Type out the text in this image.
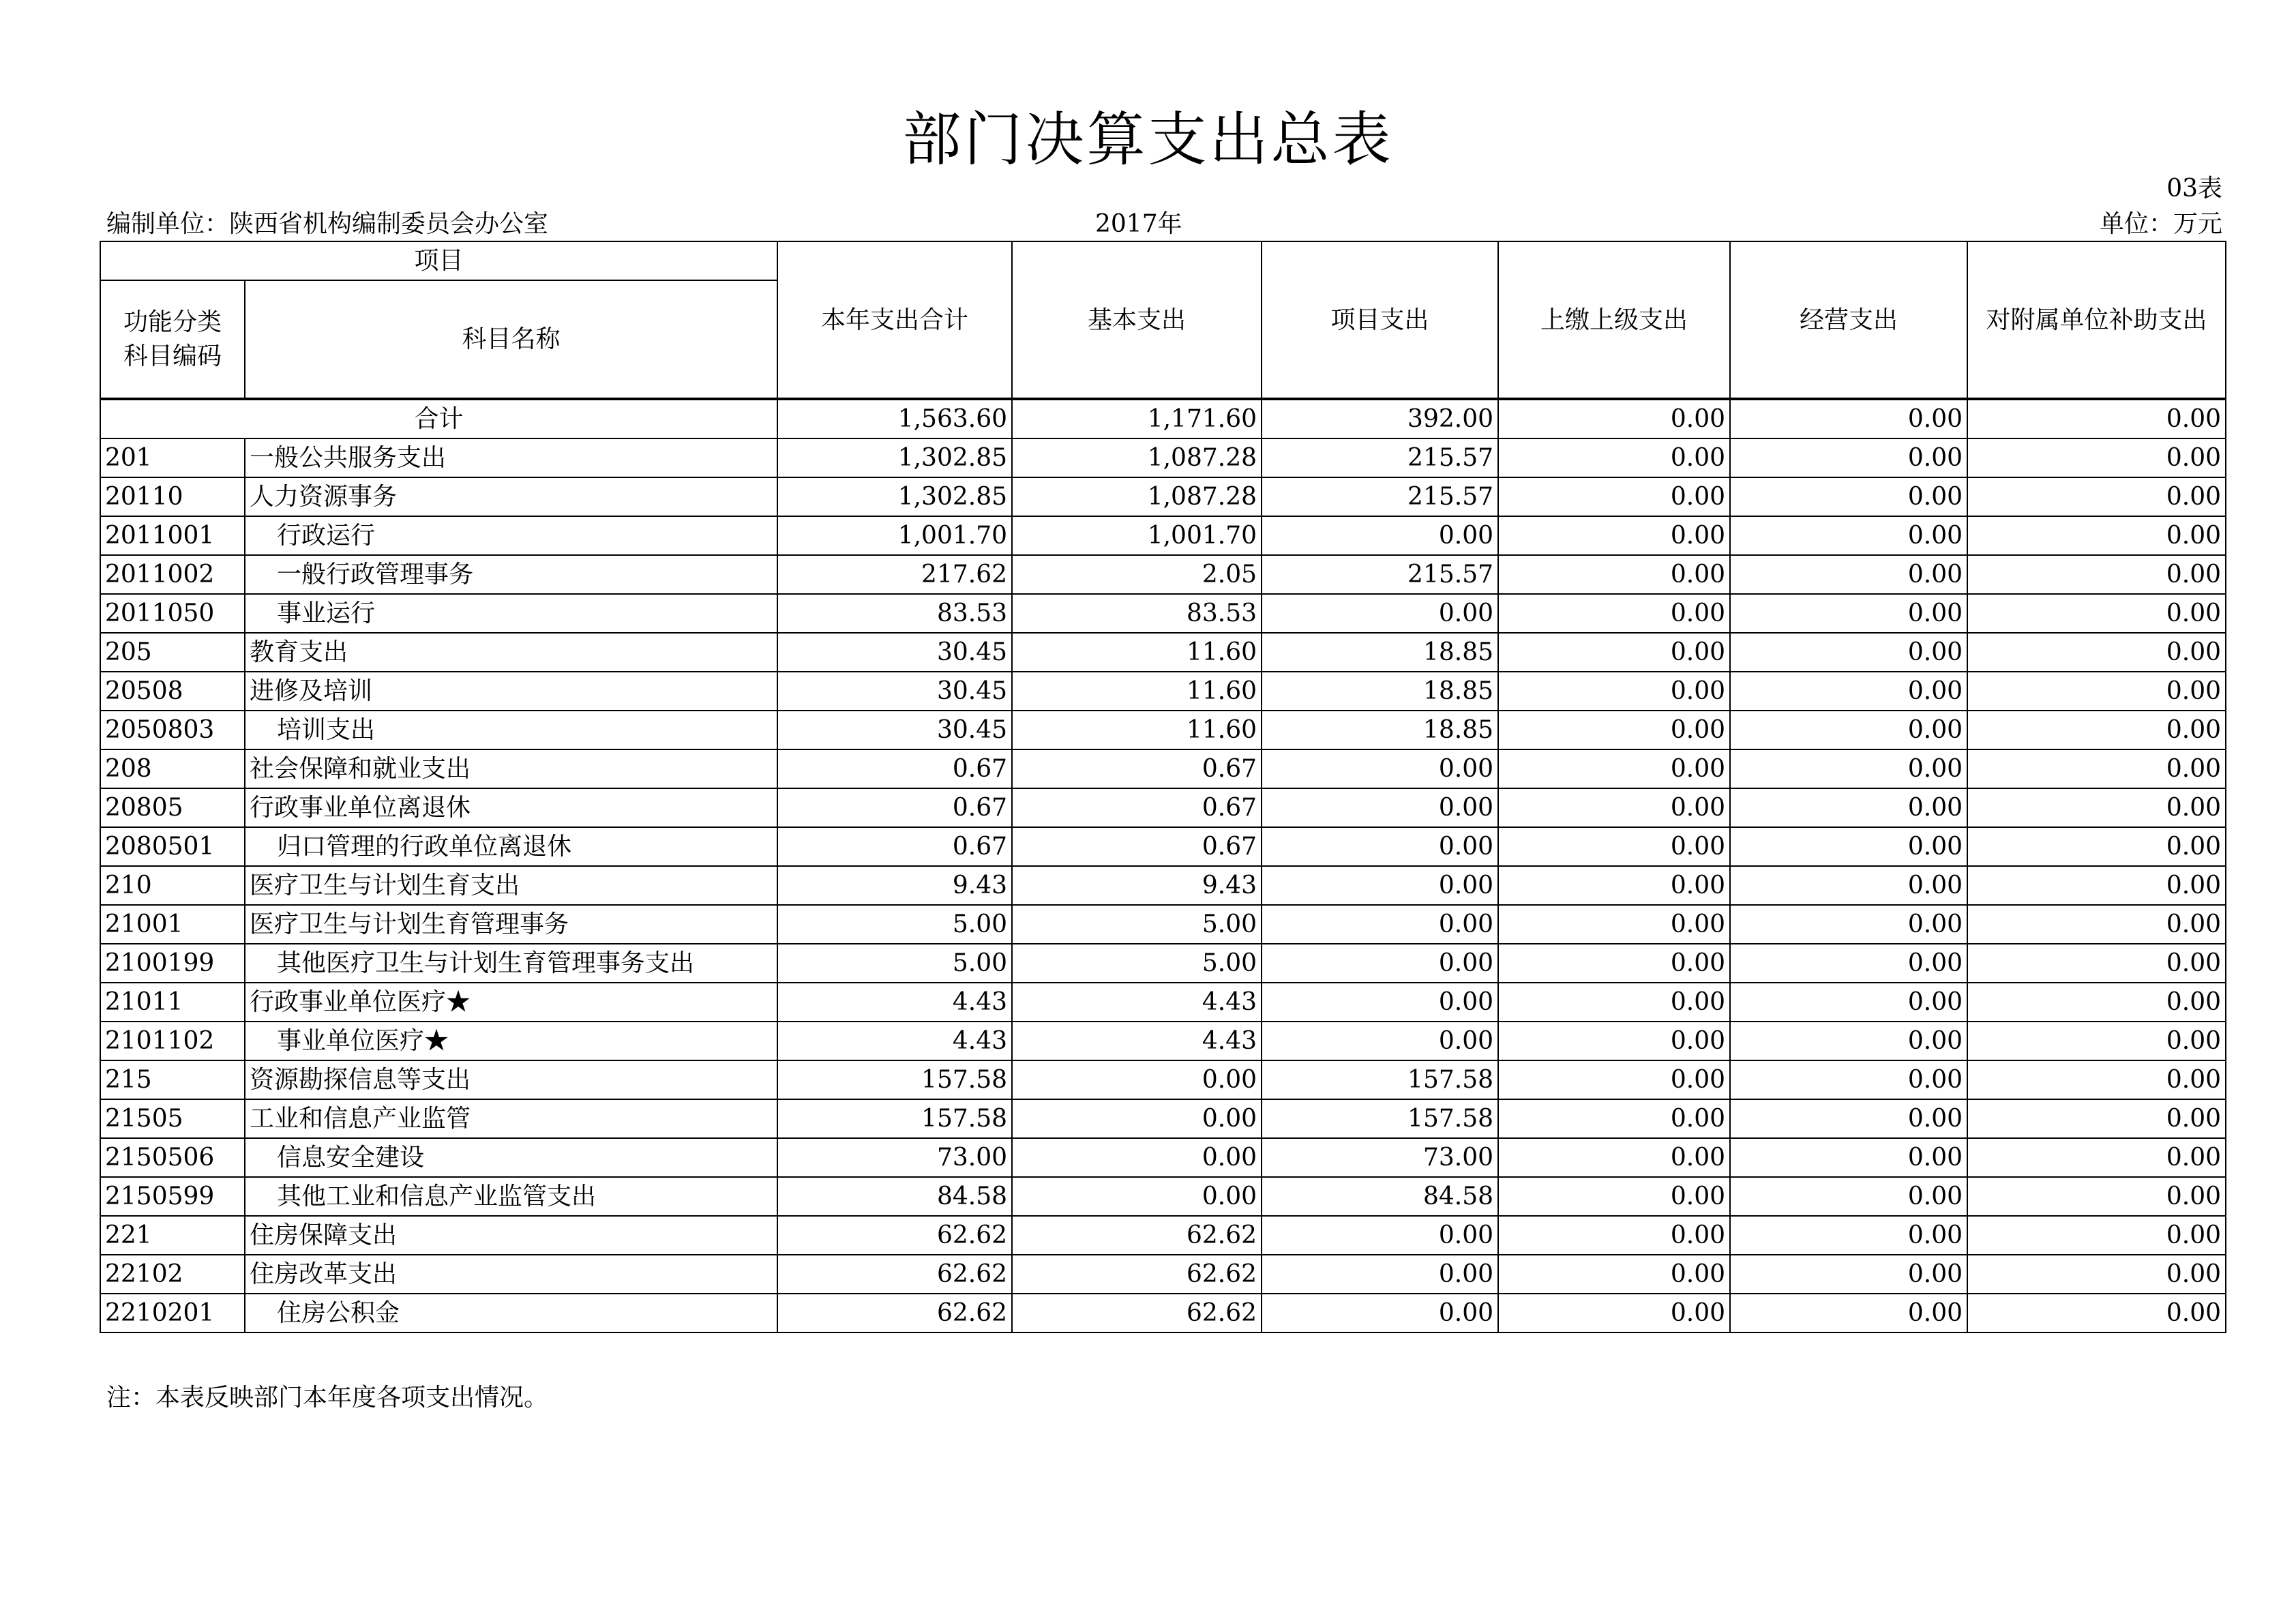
部门决算支出总表
03表
编制单位：陕西省机构编制委员会办公室	2017年	单位：万元
项目		本年支出合计	基本支出	项目支出	上缴上级支出	经营支出	对附属单位补助支出

功能分类
科目编码	科目名称						
合计		1,563.60	1,171.60	392.00	0.00	0.00	0.00
201	一般公共服务支出	1,302.85	1,087.28	215.57	0.00	0.00	0.00
20110	人力资源事务	1,302.85	1,087.28	215.57	0.00	0.00	0.00
2011001	行政运行	1,001.70	1,001.70	0.00	0.00	0.00	0.00
2011002	一般行政管理事务	217.62	2.05	215.57	0.00	0.00	0.00
2011050	事业运行	83.53	83.53	0.00	0.00	0.00	0.00
205	教育支出	30.45	11.60	18.85	0.00	0.00	0.00
20508	进修及培训	30.45	11.60	18.85	0.00	0.00	0.00
2050803	培训支出	30.45	11.60	18.85	0.00	0.00	0.00
208	社会保障和就业支出	0.67	0.67	0.00	0.00	0.00	0.00
20805	行政事业单位离退休	0.67	0.67	0.00	0.00	0.00	0.00
2080501	归口管理的行政单位离退休	0.67	0.67	0.00	0.00	0.00	0.00
210	医疗卫生与计划生育支出	9.43	9.43	0.00	0.00	0.00	0.00
21001	医疗卫生与计划生育管理事务	5.00	5.00	0.00	0.00	0.00	0.00
2100199	其他医疗卫生与计划生育管理事务支出	5.00	5.00	0.00	0.00	0.00	0.00
21011	行政事业单位医疗★	4.43	4.43	0.00	0.00	0.00	0.00
2101102	事业单位医疗★	4.43	4.43	0.00	0.00	0.00	0.00
215	资源勘探信息等支出	157.58	0.00	157.58	0.00	0.00	0.00
21505	工业和信息产业监管	157.58	0.00	157.58	0.00	0.00	0.00
2150506	信息安全建设	73.00	0.00	73.00	0.00	0.00	0.00
2150599	其他工业和信息产业监管支出	84.58	0.00	84.58	0.00	0.00	0.00
221	住房保障支出	62.62	62.62	0.00	0.00	0.00	0.00
22102	住房改革支出	62.62	62.62	0.00	0.00	0.00	0.00
2210201	住房公积金	62.62	62.62	0.00	0.00	0.00	0.00
注：本表反映部门本年度各项支出情况。
